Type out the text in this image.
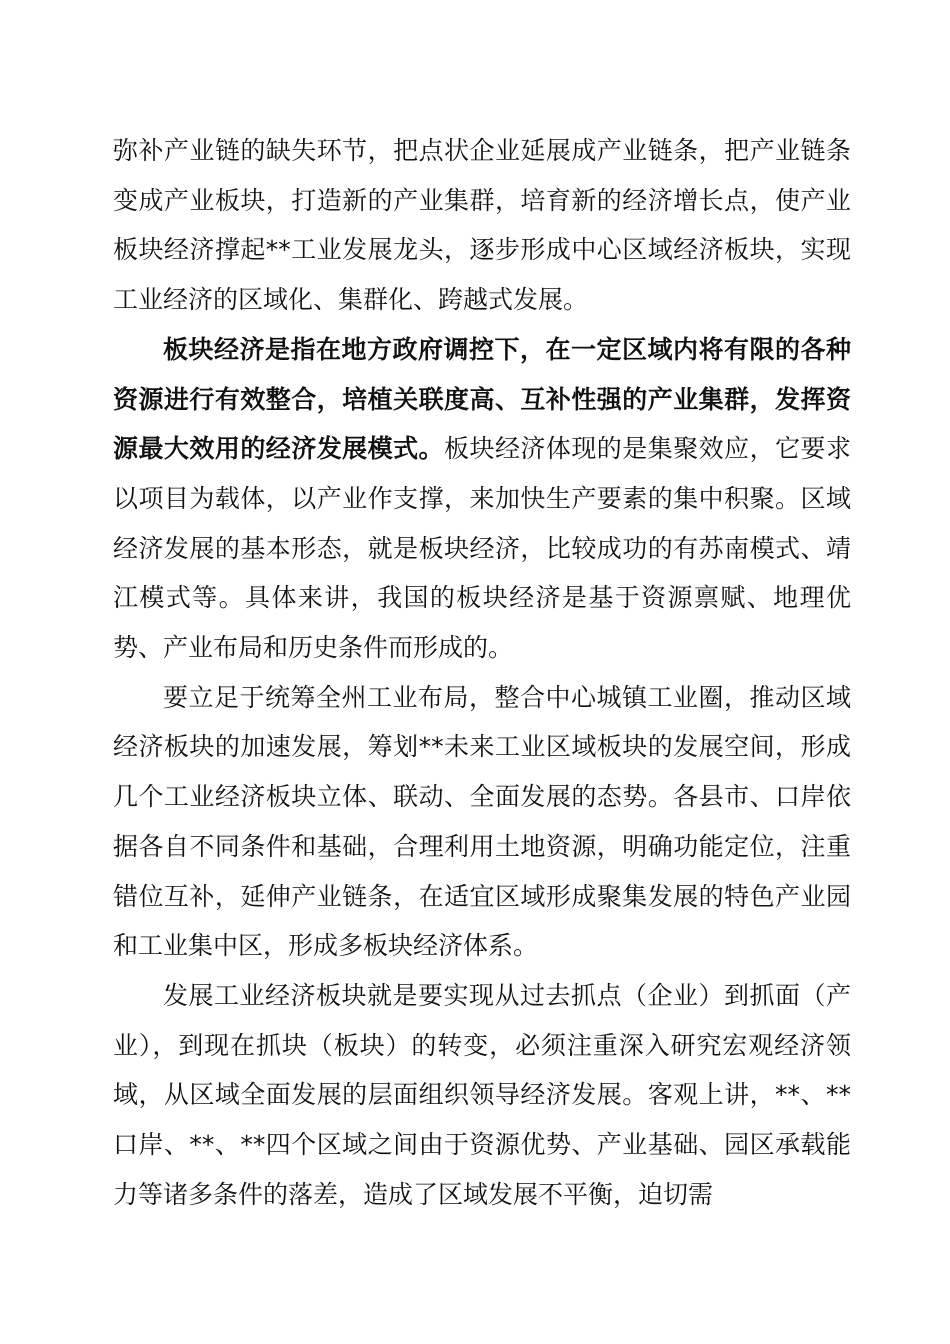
弥补产业链的缺失环节，把点状企业延展成产业链条，把产业链条变成产业板块，打造新的产业集群，培育新的经济增长点，使产业板块经济撑起**工业发展龙头，逐步形成中心区域经济板块，实现工业经济的区域化、集群化、跨越式发展。

板块经济是指在地方政府调控下，在一定区域内将有限的各种资源进行有效整合，培植关联度高、互补性强的产业集群，发挥资源最大效用的经济发展模式。板块经济体现的是集聚效应，它要求以项目为载体，以产业作支撑，来加快生产要素的集中积聚。区域经济发展的基本形态，就是板块经济，比较成功的有苏南模式、靖江模式等。具体来讲，我国的板块经济是基于资源禀赋、地理优势、产业布局和历史条件而形成的。

要立足于统筹全州工业布局，整合中心城镇工业圈，推动区域经济板块的加速发展，筹划**未来工业区域板块的发展空间，形成几个工业经济板块立体、联动、全面发展的态势。各县市、口岸依据各自不同条件和基础，合理利用土地资源，明确功能定位，注重错位互补，延伸产业链条，在适宜区域形成聚集发展的特色产业园和工业集中区，形成多板块经济体系。

发展工业经济板块就是要实现从过去抓点（企业）到抓面（产业），到现在抓块（板块）的转变，必须注重深入研究宏观经济领域，从区域全面发展的层面组织领导经济发展。客观上讲，**、**口岸、**、**四个区域之间由于资源优势、产业基础、园区承载能力等诸多条件的落差，造成了区域发展不平衡，迫切需
